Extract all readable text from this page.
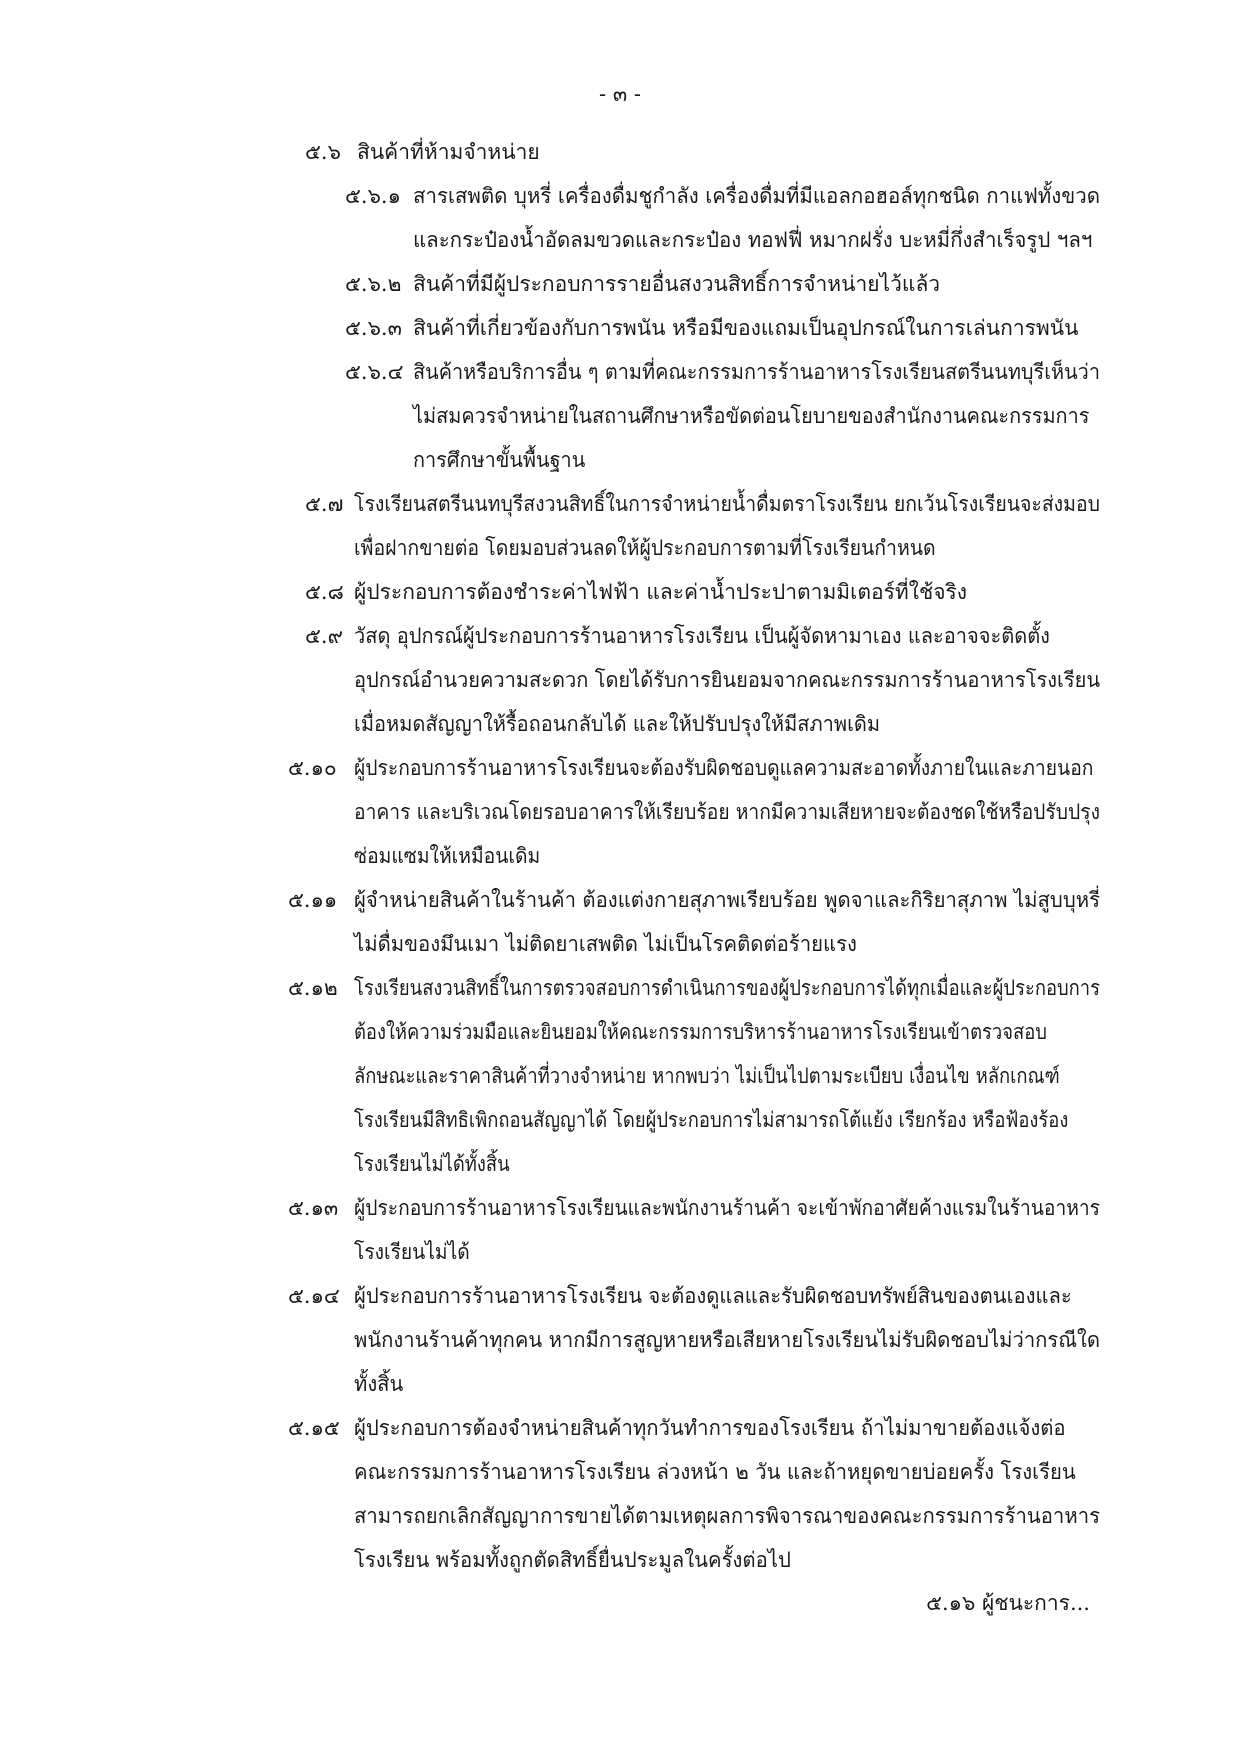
- ๓ -
๕.๖ สินค้าที่ห้ามจำหน่าย
๕.๖.๑ สารเสพติด บุหรี่ เครื่องดื่มชูกำลัง เครื่องดื่มที่มีแอลกอฮอล์ทุกชนิด กาแฟทั้งขวด
และกระป๋องน้ำอัดลมขวดและกระป๋อง ทอฟฟี่ หมากฝรั่ง บะหมี่กึ่งสำเร็จรูป ฯลฯ
๕.๖.๒ สินค้าที่มีผู้ประกอบการรายอื่นสงวนสิทธิ์การจำหน่ายไว้แล้ว
๕.๖.๓ สินค้าที่เกี่ยวข้องกับการพนัน หรือมีของแถมเป็นอุปกรณ์ในการเล่นการพนัน
๕.๖.๔ สินค้าหรือบริการอื่น ๆ ตามที่คณะกรรมการร้านอาหารโรงเรียนสตรีนนทบุรีเห็นว่า
ไม่สมควรจำหน่ายในสถานศึกษาหรือขัดต่อนโยบายของสำนักงานคณะกรรมการ
การศึกษาขั้นพื้นฐาน
๕.๗ โรงเรียนสตรีนนทบุรีสงวนสิทธิ์ในการจำหน่ายน้ำดื่มตราโรงเรียน ยกเว้นโรงเรียนจะส่งมอบ
เพื่อฝากขายต่อ โดยมอบส่วนลดให้ผู้ประกอบการตามที่โรงเรียนกำหนด
๕.๘ ผู้ประกอบการต้องชำระค่าไฟฟ้า และค่าน้ำประปาตามมิเตอร์ที่ใช้จริง
๕.๙ วัสดุ อุปกรณ์ผู้ประกอบการร้านอาหารโรงเรียน เป็นผู้จัดหามาเอง และอาจจะติดตั้ง
อุปกรณ์อำนวยความสะดวก โดยได้รับการยินยอมจากคณะกรรมการร้านอาหารโรงเรียน
เมื่อหมดสัญญาให้รื้อถอนกลับได้ และให้ปรับปรุงให้มีสภาพเดิม
๕.๑๐ ผู้ประกอบการร้านอาหารโรงเรียนจะต้องรับผิดชอบดูแลความสะอาดทั้งภายในและภายนอก
อาคาร และบริเวณโดยรอบอาคารให้เรียบร้อย หากมีความเสียหายจะต้องชดใช้หรือปรับปรุง
ซ่อมแซมให้เหมือนเดิม
๕.๑๑ ผู้จำหน่ายสินค้าในร้านค้า ต้องแต่งกายสุภาพเรียบร้อย พูดจาและกิริยาสุภาพ ไม่สูบบุหรี่
ไม่ดื่มของมึนเมา ไม่ติดยาเสพติด ไม่เป็นโรคติดต่อร้ายแรง
๕.๑๒ โรงเรียนสงวนสิทธิ์ในการตรวจสอบการดำเนินการของผู้ประกอบการได้ทุกเมื่อและผู้ประกอบการ
ต้องให้ความร่วมมือและยินยอมให้คณะกรรมการบริหารร้านอาหารโรงเรียนเข้าตรวจสอบ
ลักษณะและราคาสินค้าที่วางจำหน่าย หากพบว่า ไม่เป็นไปตามระเบียบ เงื่อนไข หลักเกณฑ์
โรงเรียนมีสิทธิเพิกถอนสัญญาได้ โดยผู้ประกอบการไม่สามารถโต้แย้ง เรียกร้อง หรือฟ้องร้อง
โรงเรียนไม่ได้ทั้งสิ้น
๕.๑๓ ผู้ประกอบการร้านอาหารโรงเรียนและพนักงานร้านค้า จะเข้าพักอาศัยค้างแรมในร้านอาหาร
โรงเรียนไม่ได้
๕.๑๔ ผู้ประกอบการร้านอาหารโรงเรียน จะต้องดูแลและรับผิดชอบทรัพย์สินของตนเองและ
พนักงานร้านค้าทุกคน หากมีการสูญหายหรือเสียหายโรงเรียนไม่รับผิดชอบไม่ว่ากรณีใด
ทั้งสิ้น
๕.๑๕ ผู้ประกอบการต้องจำหน่ายสินค้าทุกวันทำการของโรงเรียน ถ้าไม่มาขายต้องแจ้งต่อ
คณะกรรมการร้านอาหารโรงเรียน ล่วงหน้า ๒ วัน และถ้าหยุดขายบ่อยครั้ง โรงเรียน
สามารถยกเลิกสัญญาการขายได้ตามเหตุผลการพิจารณาของคณะกรรมการร้านอาหาร
โรงเรียน พร้อมทั้งถูกตัดสิทธิ์ยื่นประมูลในครั้งต่อไป
๕.๑๖ ผู้ชนะการ...
